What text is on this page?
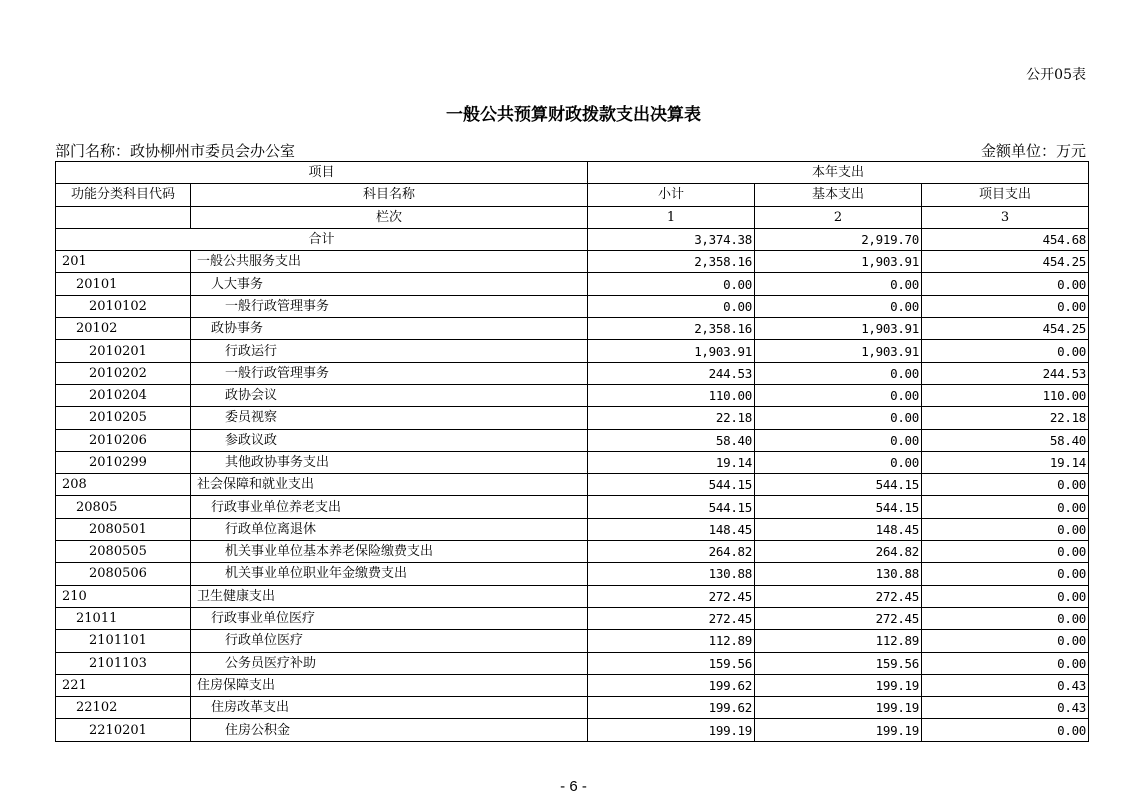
公开05表
一般公共预算财政拨款支出决算表
部门名称：政协柳州市委员会办公室	金额单位：万元
项目		本年支出		
功能分类科目代码	科目名称	小计	基本支出	项目支出
	栏次	1	2	3
合计		3,374.38	2,919.70	454.68
201	一般公共服务支出	2,358.16	1,903.91	454.25
20101	人大事务	0.00	0.00	0.00
2010102	一般行政管理事务	0.00	0.00	0.00
20102	政协事务	2,358.16	1,903.91	454.25
2010201	行政运行	1,903.91	1,903.91	0.00
2010202	一般行政管理事务	244.53	0.00	244.53
2010204	政协会议	110.00	0.00	110.00
2010205	委员视察	22.18	0.00	22.18
2010206	参政议政	58.40	0.00	58.40
2010299	其他政协事务支出	19.14	0.00	19.14
208	社会保障和就业支出	544.15	544.15	0.00
20805	行政事业单位养老支出	544.15	544.15	0.00
2080501	行政单位离退休	148.45	148.45	0.00
2080505	机关事业单位基本养老保险缴费支出	264.82	264.82	0.00
2080506	机关事业单位职业年金缴费支出	130.88	130.88	0.00
210	卫生健康支出	272.45	272.45	0.00
21011	行政事业单位医疗	272.45	272.45	0.00
2101101	行政单位医疗	112.89	112.89	0.00
2101103	公务员医疗补助	159.56	159.56	0.00
221	住房保障支出	199.62	199.19	0.43
22102	住房改革支出	199.62	199.19	0.43
2210201	住房公积金	199.19	199.19	0.00
- 6 -
